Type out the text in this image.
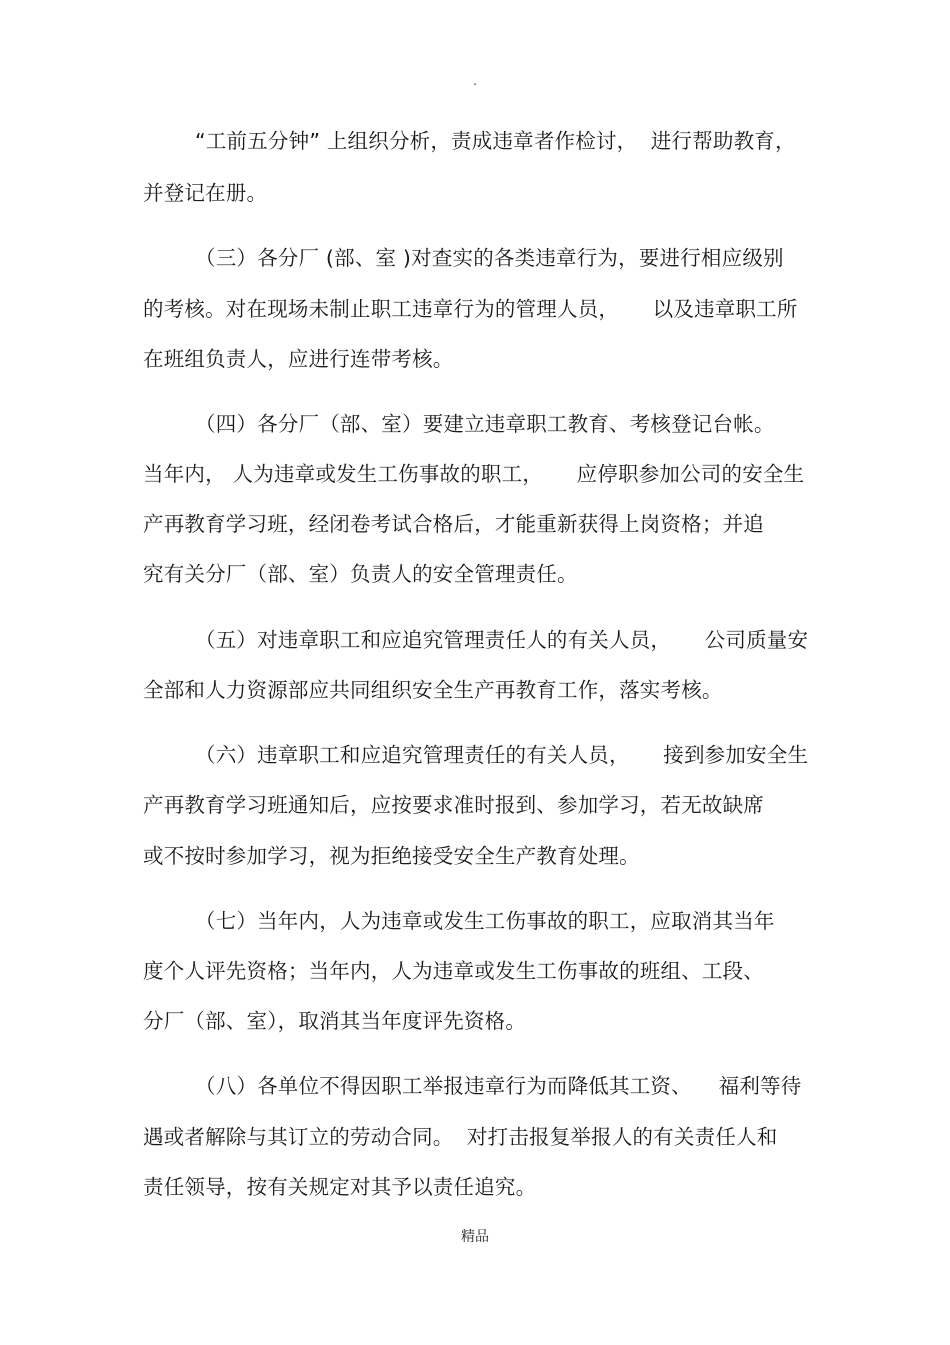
.
“工前五分钟” 上组织分析，责成违章者作检讨，  进行帮助教育，
并登记在册。
（三）各分厂 (部、室 )对查实的各类违章行为，要进行相应级别
的考核。对在现场未制止职工违章行为的管理人员，     以及违章职工所
在班组负责人，应进行连带考核。
（四）各分厂（部、室）要建立违章职工教育、考核登记台帐。
当年内， 人为违章或发生工伤事故的职工，     应停职参加公司的安全生
产再教育学习班，经闭卷考试合格后，才能重新获得上岗资格；并追
究有关分厂（部、室）负责人的安全管理责任。
（五）对违章职工和应追究管理责任人的有关人员，     公司质量安
全部和人力资源部应共同组织安全生产再教育工作，落实考核。
（六）违章职工和应追究管理责任的有关人员，     接到参加安全生
产再教育学习班通知后，应按要求准时报到、参加学习，若无故缺席
或不按时参加学习，视为拒绝接受安全生产教育处理。
（七）当年内，人为违章或发生工伤事故的职工，应取消其当年
度个人评先资格；当年内，人为违章或发生工伤事故的班组、工段、
分厂（部、室），取消其当年度评先资格。
（八）各单位不得因职工举报违章行为而降低其工资、    福利等待
遇或者解除与其订立的劳动合同。  对打击报复举报人的有关责任人和
责任领导，按有关规定对其予以责任追究。
精品
